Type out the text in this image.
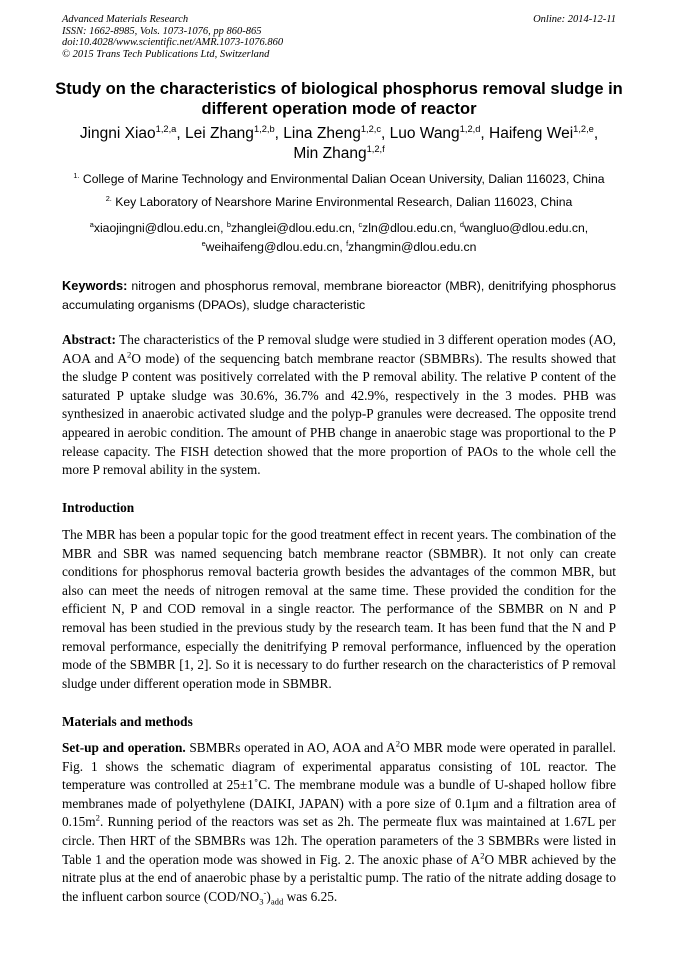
Advanced Materials Research
ISSN: 1662-8985, Vols. 1073-1076, pp 860-865
doi:10.4028/www.scientific.net/AMR.1073-1076.860
© 2015 Trans Tech Publications Ltd, Switzerland
Online: 2014-12-11
Study on the characteristics of biological phosphorus removal sludge in different operation mode of reactor
Jingni Xiao$^{1,2,a}$, Lei Zhang$^{1,2,b}$, Lina Zheng$^{1,2,c}$, Luo Wang$^{1,2,d}$, Haifeng Wei$^{1,2,e}$,
Min Zhang$^{1,2,f}$
$^{1.}$ College of Marine Technology and Environmental Dalian Ocean University, Dalian 116023, China
$^{2.}$ Key Laboratory of Nearshore Marine Environmental Research, Dalian 116023, China
$^a$xiaojingni@dlou.edu.cn, $^b$zhanglei@dlou.edu.cn, $^c$zln@dlou.edu.cn, $^d$wangluo@dlou.edu.cn,
$^e$weihaifeng@dlou.edu.cn, $^f$zhangmin@dlou.edu.cn
Keywords: nitrogen and phosphorus removal, membrane bioreactor (MBR), denitrifying phosphorus accumulating organisms (DPAOs), sludge characteristic
Abstract: The characteristics of the P removal sludge were studied in 3 different operation modes (AO, AOA and $A^2O$ mode) of the sequencing batch membrane reactor (SBMBRs). The results showed that the sludge P content was positively correlated with the P removal ability. The relative P content of the saturated P uptake sludge was 30.6%, 36.7% and 42.9%, respectively in the 3 modes. PHB was synthesized in anaerobic activated sludge and the polyp-P granules were decreased. The opposite trend appeared in aerobic condition. The amount of PHB change in anaerobic stage was proportional to the P release capacity. The FISH detection showed that the more proportion of PAOs to the whole cell the more P removal ability in the system.
Introduction
The MBR has been a popular topic for the good treatment effect in recent years. The combination of the MBR and SBR was named sequencing batch membrane reactor (SBMBR). It not only can create conditions for phosphorus removal bacteria growth besides the advantages of the common MBR, but also can meet the needs of nitrogen removal at the same time. These provided the condition for the efficient N, P and COD removal in a single reactor. The performance of the SBMBR on N and P removal has been studied in the previous study by the research team. It has been fund that the N and P removal performance, especially the denitrifying P removal performance, influenced by the operation mode of the SBMBR [1, 2]. So it is necessary to do further research on the characteristics of P removal sludge under different operation mode in SBMBR.
Materials and methods
Set-up and operation. SBMBRs operated in AO, AOA and $A^2O$ MBR mode were operated in parallel. Fig. 1 shows the schematic diagram of experimental apparatus consisting of 10L reactor. The temperature was controlled at 25±1˚C. The membrane module was a bundle of U-shaped hollow fibre membranes made of polyethylene (DAIKI, JAPAN) with a pore size of 0.1μm and a filtration area of $0.15m^2$. Running period of the reactors was set as 2h. The permeate flux was maintained at 1.67L per circle. Then HRT of the SBMBRs was 12h. The operation parameters of the 3 SBMBRs were listed in Table 1 and the operation mode was showed in Fig. 2. The anoxic phase of $A^2O$ MBR achieved by the nitrate plus at the end of anaerobic phase by a peristaltic pump. The ratio of the nitrate adding dosage to the influent carbon source $(COD/NO_3^-)_{add}$ was 6.25.
